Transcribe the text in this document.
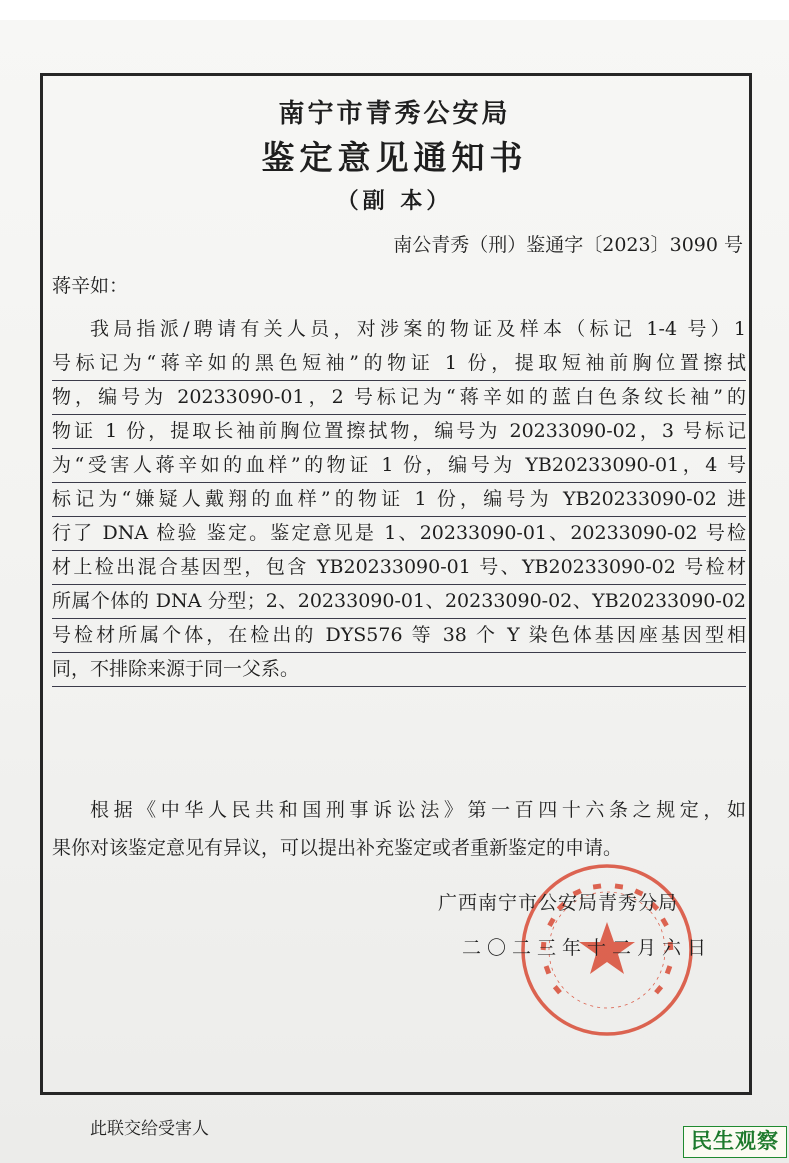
南宁市青秀公安局
鉴定意见通知书
（副 本）
南公青秀（刑）鉴通字〔2023〕3090 号
蒋辛如：
我局指派/聘请有关人员，对涉案的物证及样本（标记 1-4 号）1
号标记为“蒋辛如的黑色短袖”的物证 1 份，提取短袖前胸位置擦拭
物，编号为 20233090-01，2 号标记为“蒋辛如的蓝白色条纹长袖”的
物证 1 份，提取长袖前胸位置擦拭物，编号为 20233090-02，3 号标记
为“受害人蒋辛如的血样”的物证 1 份，编号为 YB20233090-01，4 号
标记为“嫌疑人戴翔的血样”的物证 1 份，编号为 YB20233090-02 进
行了 DNA 检验 鉴定。鉴定意见是 1、20233090-01、20233090-02 号检
材上检出混合基因型，包含 YB20233090-01 号、YB20233090-02 号检材
所属个体的 DNA 分型；2、20233090-01、20233090-02、YB20233090-02
号检材所属个体，在检出的 DYS576 等 38 个 Y 染色体基因座基因型相
同，不排除来源于同一父系。
根据《中华人民共和国刑事诉讼法》第一百四十六条之规定，如
果你对该鉴定意见有异议，可以提出补充鉴定或者重新鉴定的申请。
广西南宁市公安局青秀分局
二〇二三年十二月六日
此联交给受害人	民生观察
